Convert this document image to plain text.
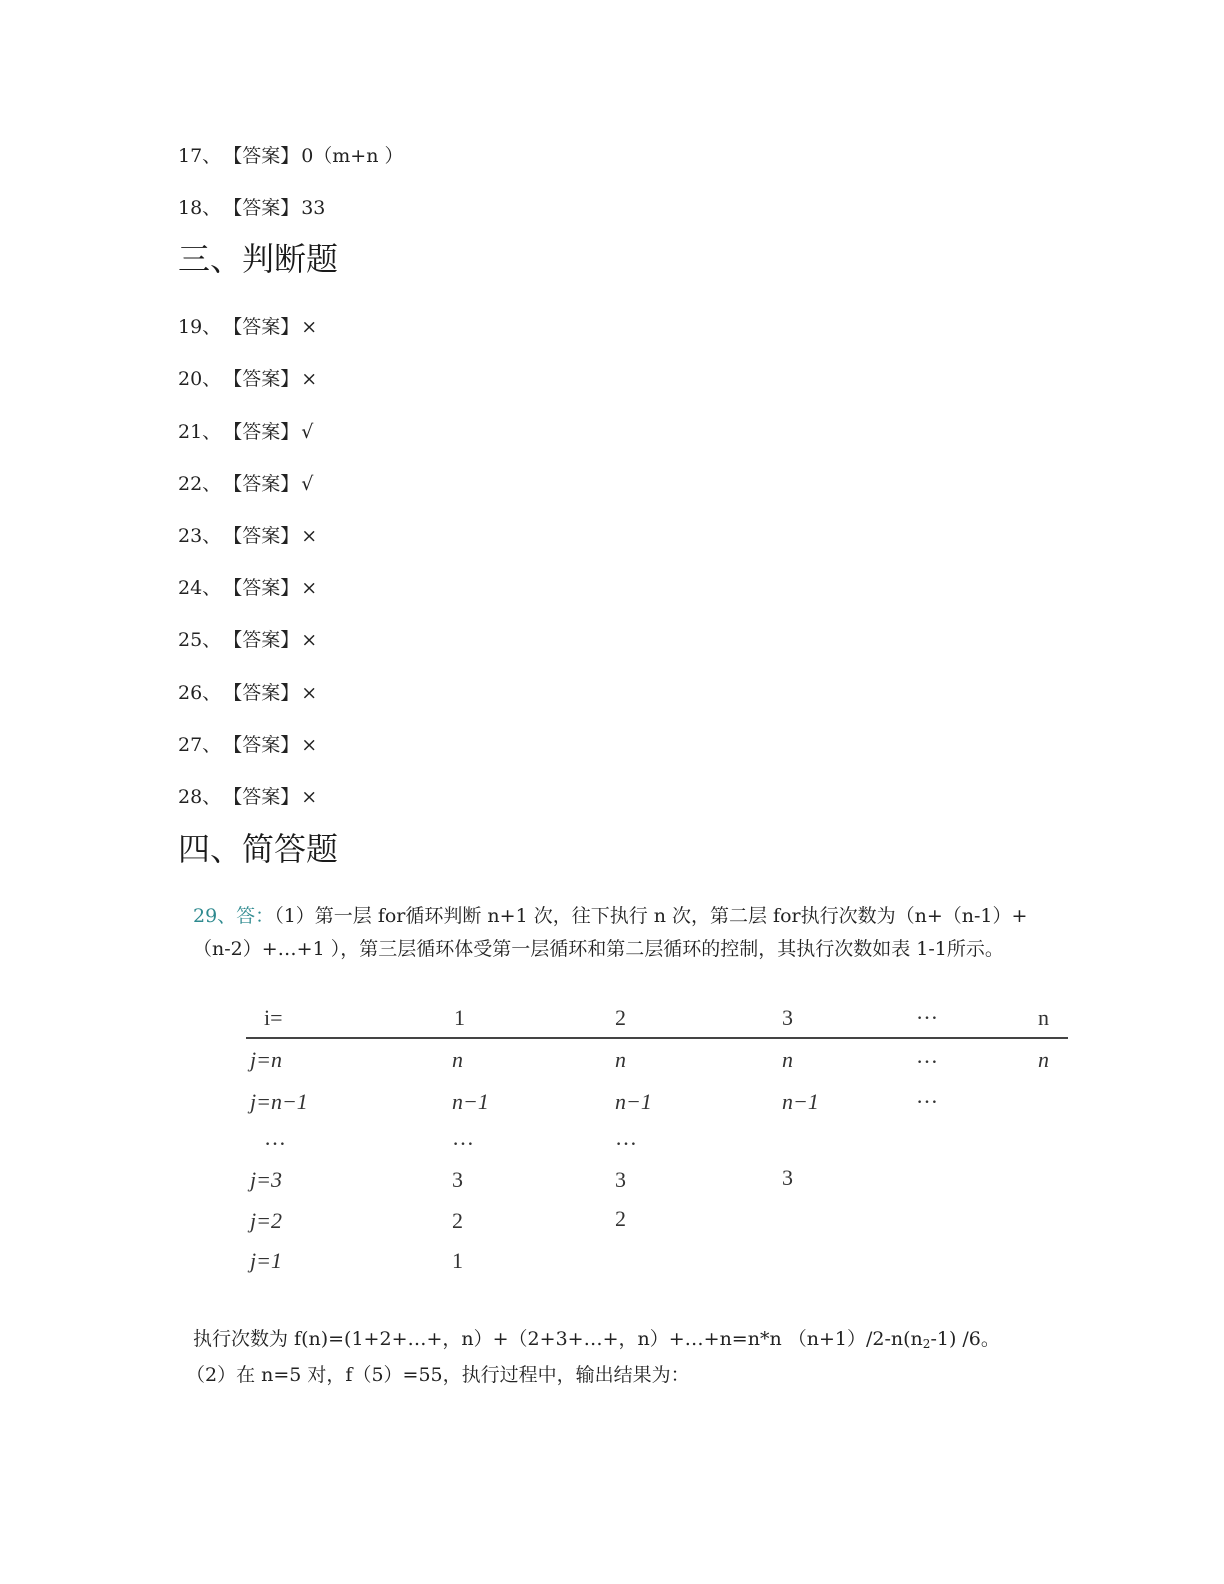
17、 【答案】 0（m+n ）
18、 【答案】 33
三、判断题
19、 【答案】 ×
20、 【答案】 ×
21、 【答案】√
22、 【答案】√
23、 【答案】 ×
24、 【答案】 ×
25、 【答案】 ×
26、 【答案】 ×
27、 【答案】 ×
28、 【答案】 ×
四、简答题
29、答：（1）第一层 for循环判断 n+1 次，往下执行 n 次，第二层 for执行次数为（n+（n-1）+（n-2）+…+1 ），第三层循环体受第一层循环和第二层循环的控制，其执行次数如表 1-1所示。
i=	1	2	3	…	n
j=n	n	n	n	…	n
j=n−1	n−1	n−1	n−1	…
…	…	…
j=3	3	3	3
j=2	2	2
j=1	1
执行次数为 f(n)=(1+2+…+，n）+（2+3+…+，n）+…+n=n*n $(n+1)/2-n(n_2-1)$ /6。
（2）在 n=5 对，f（5）=55，执行过程中，输出结果为：
